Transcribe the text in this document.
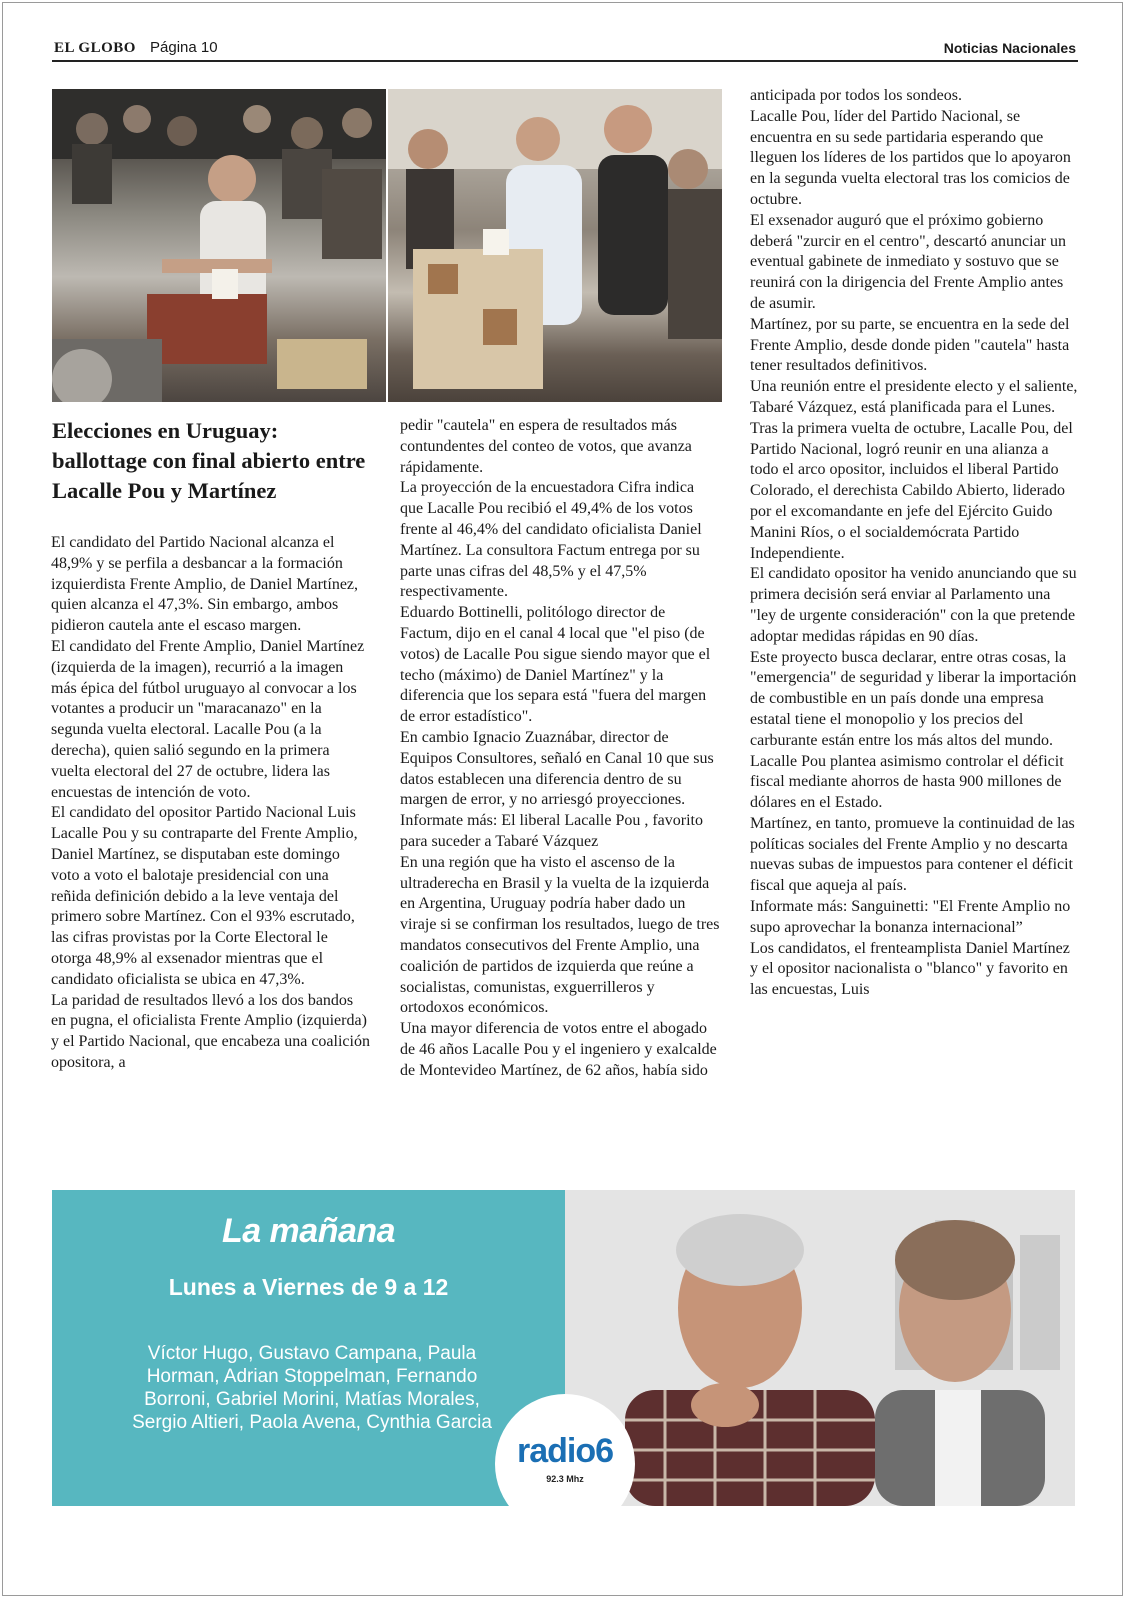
EL GLOBO Página 10	Noticias Nacionales
Elecciones en Uruguay: ballottage con final abierto entre Lacalle Pou y Martínez

El candidato del Partido Nacional alcanza el 48,9% y se perfila a desbancar a la formación izquierdista Frente Amplio, de Daniel Martínez, quien alcanza el 47,3%. Sin embargo, ambos pidieron cautela ante el escaso margen.

El candidato del Frente Amplio, Daniel Martínez (izquierda de la imagen), recurrió a la imagen más épica del fútbol uruguayo al convocar a los votantes a producir un "maracanazo" en la segunda vuelta electoral. Lacalle Pou (a la derecha), quien salió segundo en la primera vuelta electoral del 27 de octubre, lidera las encuestas de intención de voto.

El candidato del opositor Partido Nacional Luis Lacalle Pou y su contraparte del Frente Amplio, Daniel Martínez, se disputaban este domingo voto a voto el balotaje presidencial con una reñida definición debido a la leve ventaja del primero sobre Martínez. Con el 93% escrutado, las cifras provistas por la Corte Electoral le otorga 48,9% al exsenador mientras que el candidato oficialista se ubica en 47,3%.

La paridad de resultados llevó a los dos bandos en pugna, el oficialista Frente Amplio (izquierda) y el Partido Nacional, que encabeza una coalición opositora, a

pedir "cautela" en espera de resultados más contundentes del conteo de votos, que avanza rápidamente.

La proyección de la encuestadora Cifra indica que Lacalle Pou recibió el 49,4% de los votos frente al 46,4% del candidato oficialista Daniel Martínez. La consultora Factum entrega por su parte unas cifras del 48,5% y el 47,5% respectivamente.

Eduardo Bottinelli, politólogo director de Factum, dijo en el canal 4 local que "el piso (de votos) de Lacalle Pou sigue siendo mayor que el techo (máximo) de Daniel Martínez" y la diferencia que los separa está "fuera del margen de error estadístico".

En cambio Ignacio Zuaznábar, director de Equipos Consultores, señaló en Canal 10 que sus datos establecen una diferencia dentro de su margen de error, y no arriesgó proyecciones.

Informate más: El liberal Lacalle Pou , favorito para suceder a Tabaré Vázquez

En una región que ha visto el ascenso de la ultraderecha en Brasil y la vuelta de la izquierda en Argentina, Uruguay podría haber dado un viraje si se confirman los resultados, luego de tres mandatos consecutivos del Frente Amplio, una coalición de partidos de izquierda que reúne a socialistas, comunistas, exguerrilleros y ortodoxos económicos.

Una mayor diferencia de votos entre el abogado de 46 años Lacalle Pou y el ingeniero y exalcalde de Montevideo Martínez, de 62 años, había sido

anticipada por todos los sondeos.

Lacalle Pou, líder del Partido Nacional, se encuentra en su sede partidaria esperando que lleguen los líderes de los partidos que lo apoyaron en la segunda vuelta electoral tras los comicios de octubre.

El exsenador auguró que el próximo gobierno deberá "zurcir en el centro", descartó anunciar un eventual gabinete de inmediato y sostuvo que se reunirá con la dirigencia del Frente Amplio antes de asumir.

Martínez, por su parte, se encuentra en la sede del Frente Amplio, desde donde piden "cautela" hasta tener resultados definitivos.

Una reunión entre el presidente electo y el saliente, Tabaré Vázquez, está planificada para el Lunes.

Tras la primera vuelta de octubre, Lacalle Pou, del Partido Nacional, logró reunir en una alianza a todo el arco opositor, incluidos el liberal Partido Colorado, el derechista Cabildo Abierto, liderado por el excomandante en jefe del Ejército Guido Manini Ríos, o el socialdemócrata Partido Independiente.

El candidato opositor ha venido anunciando que su primera decisión será enviar al Parlamento una "ley de urgente consideración" con la que pretende adoptar medidas rápidas en 90 días.

Este proyecto busca declarar, entre otras cosas, la "emergencia" de seguridad y liberar la importación de combustible en un país donde una empresa estatal tiene el monopolio y los precios del carburante están entre los más altos del mundo.

Lacalle Pou plantea asimismo controlar el déficit fiscal mediante ahorros de hasta 900 millones de dólares en el Estado.

Martínez, en tanto, promueve la continuidad de las políticas sociales del Frente Amplio y no descarta nuevas subas de impuestos para contener el déficit fiscal que aqueja al país.

Informate más: Sanguinetti: "El Frente Amplio no supo aprovechar la bonanza internacional”

Los candidatos, el frenteamplista Daniel Martínez y el opositor nacionalista o "blanco" y favorito en las encuestas, Luis

La mañana
Lunes a Viernes de 9 a 12
Víctor Hugo, Gustavo Campana, Paula Horman, Adrian Stoppelman, Fernando Borroni, Gabriel Morini, Matías Morales, Sergio Altieri, Paola Avena, Cynthia Garcia
radio6
92.3 Mhz
